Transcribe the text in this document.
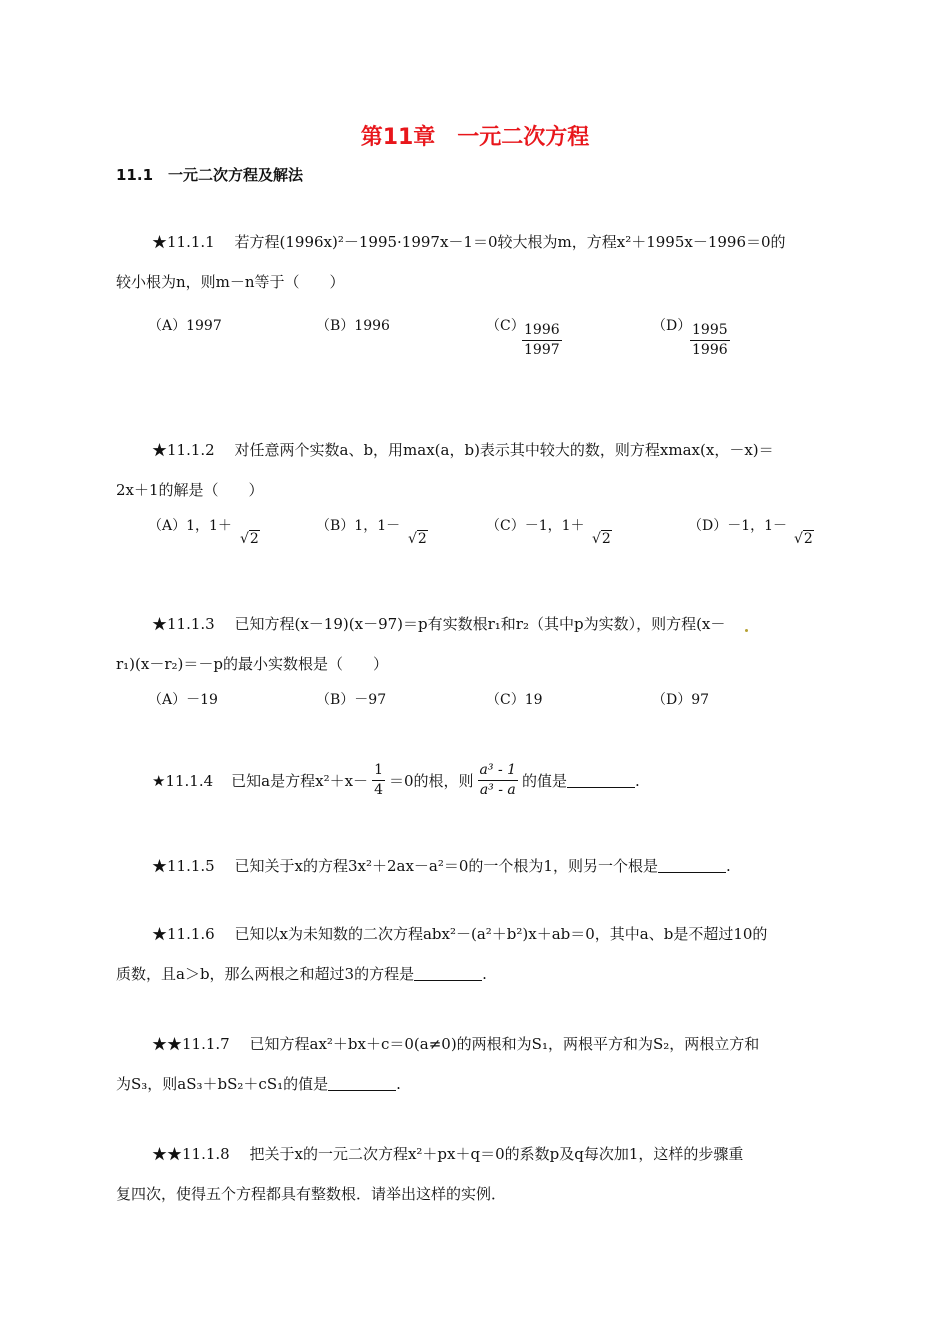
第11章　一元二次方程
11.1　一元二次方程及解法
★11.1.1　 若方程(1996x)²－1995·1997x－1＝0较大根为m，方程x²＋1995x－1996＝0的
较小根为n，则m－n等于（　　）
（A）1997	（B）1996	（C）
$\frac{1996}{1997}$	（D）
$\frac{1995}{1996}$
★11.1.2　 对任意两个实数a、b，用max(a，b)表示其中较大的数，则方程xmax(x，－x)＝
2x＋1的解是（　　）
（A）1，1＋
√2
（B）1，1－
√2
（C）－1，1＋
√2
（D）－1，1－
√2
★11.1.3　 已知方程(x－19)(x－97)＝p有实数根r₁和r₂（其中p为实数），则方程(x－
r₁)(x－r₂)＝－p的最小实数根是（　　）
（A）－19	（B）－97	（C）19	（D）97
★11.1.4 已知a是方程$x^2+x- \frac{1}{4} =0$的根，则 $\frac{\text{a³ - 1}}{\text{a³ - a}}$ 的值是	.
★11.1.5　 已知关于x的方程3x²＋2ax－a²＝0的一个根为1，则另一个根是	.
★11.1.6　 已知以x为未知数的二次方程abx²－(a²＋b²)x＋ab＝0，其中a、b是不超过10的
质数，且a＞b，那么两根之和超过3的方程是	.
★★11.1.7　 已知方程ax²＋bx＋c＝0(a≠0)的两根和为S₁，两根平方和为S₂，两根立方和
为S₃，则aS₃＋bS₂＋cS₁的值是	.
★★11.1.8　 把关于x的一元二次方程x²＋px＋q＝0的系数p及q每次加1，这样的步骤重
复四次，使得五个方程都具有整数根．请举出这样的实例．
